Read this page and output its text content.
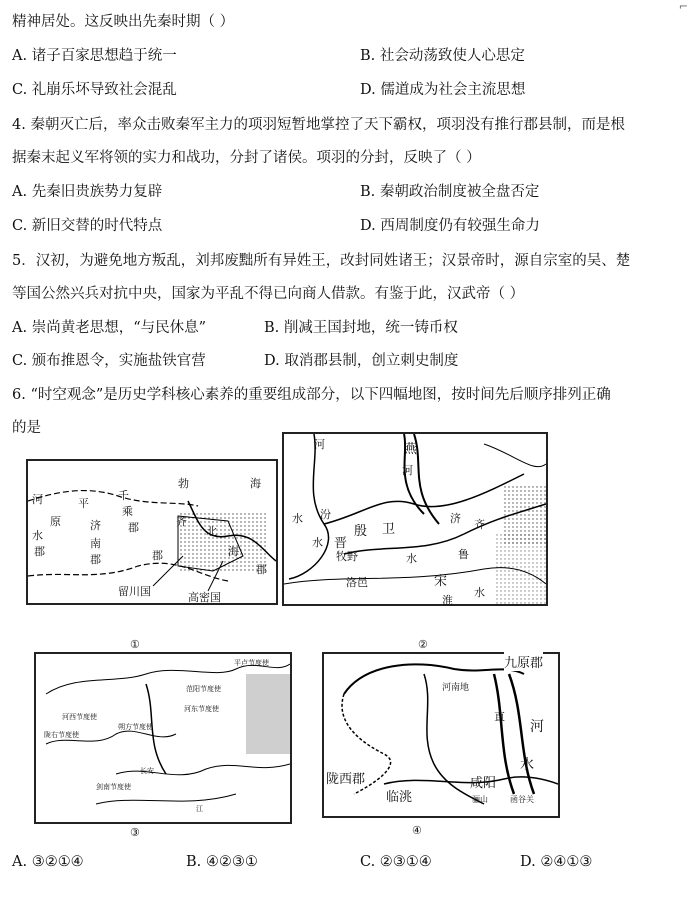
⌐
精神居处。这反映出先秦时期（ ）
A. 诸子百家思想趋于统一	B. 社会动荡致使人心思定
C. 礼崩乐坏导致社会混乱	D. 儒道成为社会主流思想
4. 秦朝灭亡后，率众击败秦军主力的项羽短暂地掌控了天下霸权，项羽没有推行郡县制，而是根
据秦末起义军将领的实力和战功，分封了诸侯。项羽的分封，反映了（ ）
A. 先秦旧贵族势力复辟	B. 秦朝政治制度被全盘否定
C. 新旧交替的时代特点	D. 西周制度仍有较强生命力
5．汉初，为避免地方叛乱，刘邦废黜所有异姓王，改封同姓诸王；汉景帝时，源自宗室的吴、楚
等国公然兴兵对抗中央，国家为平乱不得已向商人借款。有鉴于此，汉武帝（ ）
A. 崇尚黄老思想，“与民休息”	B. 削减王国封地，统一铸币权
C. 颁布推恩令，实施盐铁官营	D. 取消郡县制，创立刺史制度
6. “时空观念”是历史学科核心素养的重要组成部分，以下四幅地图，按时间先后顺序排列正确
的是
河
水
郡
平
原
千
乘
郡
济
南
郡
勃	海
齐
北
海
郡
郡
留川国	高密国
①
河	燕
河
水 汾
水 晋
殷 卫
济 齐
牧野	水	鲁
洛邑	宋
淮
水
②
平卢节度使
范阳节度使
河东节度使
河西节度使
陇右节度使
朔方节度使
长安
剑南节度使
江
③
九原郡
河南地
直
河
水
陇西郡	咸阳
临洮	骊山	函谷关
④
A. ③②①④	B. ④②③①	C. ②③①④	D. ②④①③
